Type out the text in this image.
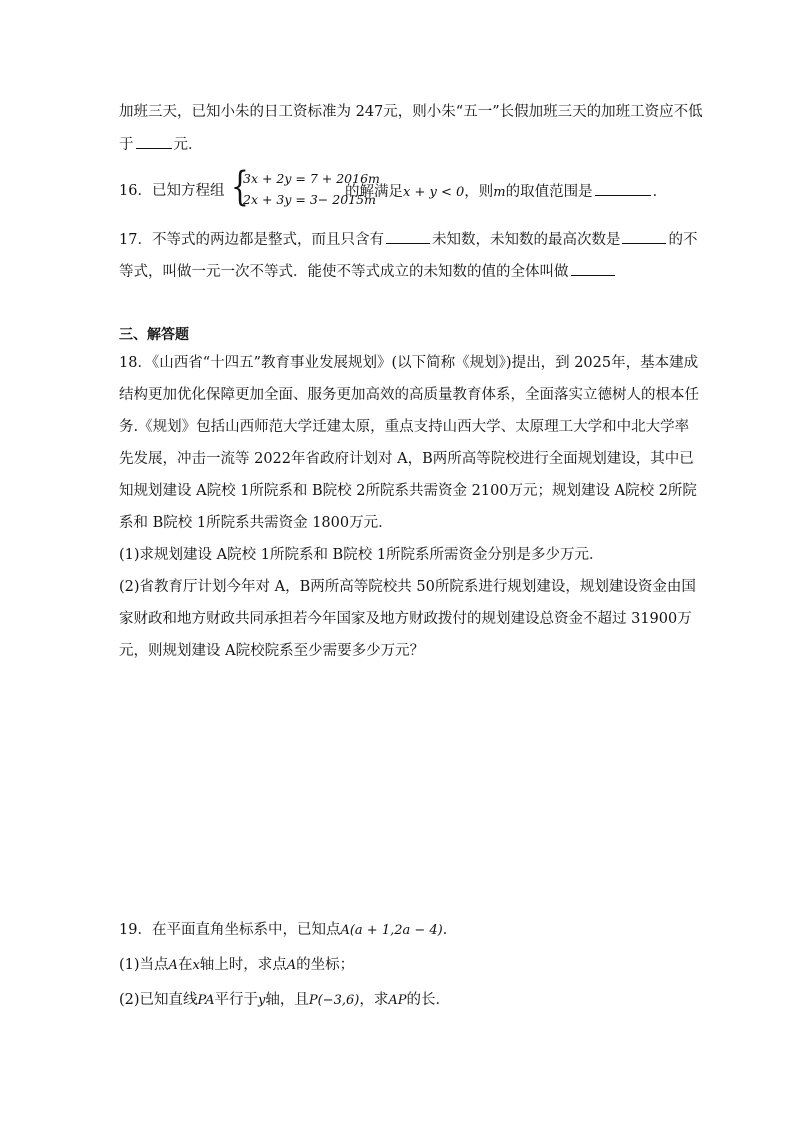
加班三天，已知小朱的日工资标准为 247元，则小朱“五一”长假加班三天的加班工资应不低
于	元．
16．已知方程组 {
3x + 2y = 7 + 2016m
2x + 3y = 3− 2015m
的解满足x + y < 0，则m的取值范围是	．
17．不等式的两边都是整式，而且只含有	未知数，未知数的最高次数是	的不
等式，叫做一元一次不等式．能使不等式成立的未知数的值的全体叫做
三、解答题
18．《山西省“十四五”教育事业发展规划》(以下简称《规划》)提出，到 2025年，基本建成
结构更加优化保障更加全面、服务更加高效的高质量教育体系，全面落实立德树人的根本任
务.《规划》包括山西师范大学迁建太原，重点支持山西大学、太原理工大学和中北大学率
先发展，冲击一流等 2022年省政府计划对 A，B两所高等院校进行全面规划建设，其中已
知规划建设 A院校 1所院系和 B院校 2所院系共需资金 2100万元；规划建设 A院校 2所院
系和 B院校 1所院系共需资金 1800万元．
(1)求规划建设 A院校 1所院系和 B院校 1所院系所需资金分别是多少万元．
(2)省教育厅计划今年对 A，B两所高等院校共 50所院系进行规划建设，规划建设资金由国
家财政和地方财政共同承担若今年国家及地方财政拨付的规划建设总资金不超过 31900万
元，则规划建设 A院校院系至少需要多少万元？
19．在平面直角坐标系中，已知点A(a + 1,2a − 4)．
(1)当点A在x轴上时，求点A的坐标；
(2)已知直线PA平行于y轴，且P(−3,6)，求AP的长．
